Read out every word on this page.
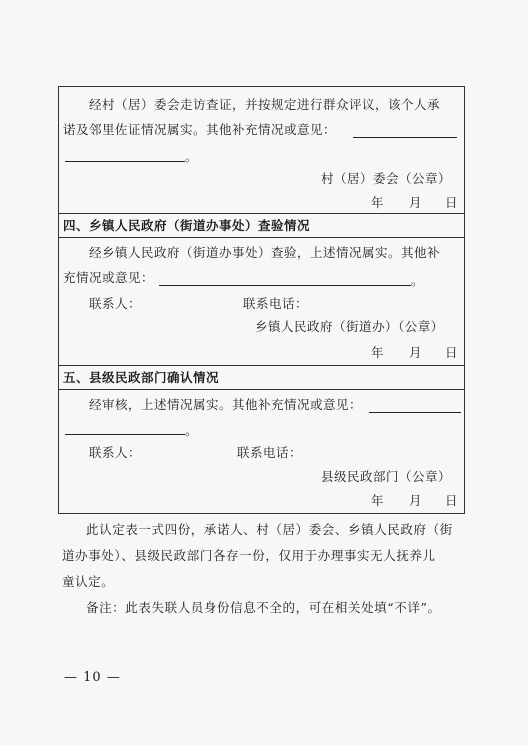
经村（居）委会走访查证，并按规定进行群众评议，该个人承
诺及邻里佐证情况属实。其他补充情况或意见：
。
村（居）委会（公章）
年 月 日
四、乡镇人民政府（街道办事处）查验情况
经乡镇人民政府（街道办事处）查验，上述情况属实。其他补
充情况或意见：	。
联系人：	联系电话：
乡镇人民政府（街道办）（公章）
年 月 日
五、县级民政部门确认情况
经审核，上述情况属实。其他补充情况或意见：
。
联系人：	联系电话：
县级民政部门（公章）
年 月 日
此认定表一式四份，承诺人、村（居）委会、乡镇人民政府（街
道办事处）、县级民政部门各存一份，仅用于办理事实无人抚养儿
童认定。
备注：此表失联人员身份信息不全的，可在相关处填“不详”。
— 10 —
